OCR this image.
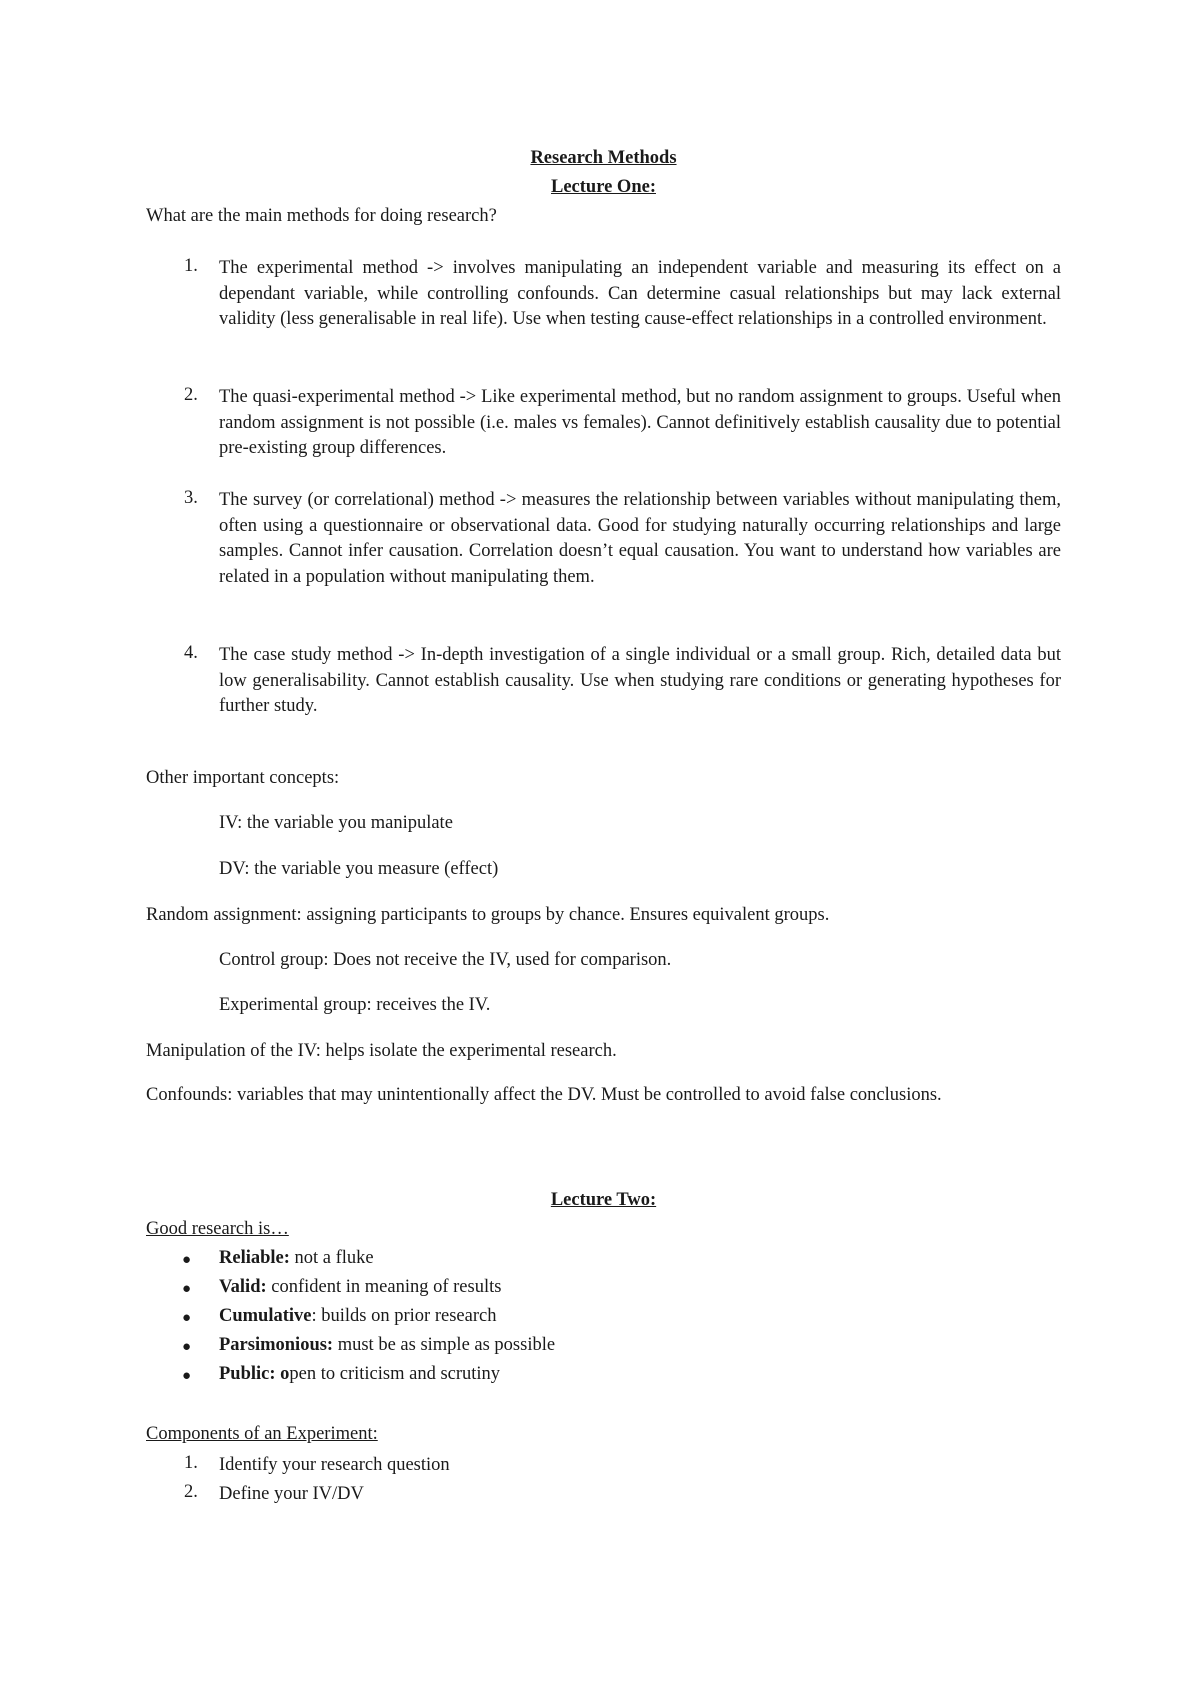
Research Methods
Lecture One:
What are the main methods for doing research?
1. The experimental method -> involves manipulating an independent variable and measuring its effect on a dependant variable, while controlling confounds. Can determine casual relationships but may lack external validity (less generalisable in real life). Use when testing cause-effect relationships in a controlled environment.
2. The quasi-experimental method -> Like experimental method, but no random assignment to groups. Useful when random assignment is not possible (i.e. males vs females). Cannot definitively establish causality due to potential pre-existing group differences.
3. The survey (or correlational) method -> measures the relationship between variables without manipulating them, often using a questionnaire or observational data. Good for studying naturally occurring relationships and large samples. Cannot infer causation. Correlation doesn’t equal causation. You want to understand how variables are related in a population without manipulating them.
4. The case study method -> In-depth investigation of a single individual or a small group. Rich, detailed data but low generalisability. Cannot establish causality. Use when studying rare conditions or generating hypotheses for further study.
Other important concepts:
IV: the variable you manipulate
DV: the variable you measure (effect)
Random assignment: assigning participants to groups by chance. Ensures equivalent groups.
Control group: Does not receive the IV, used for comparison.
Experimental group: receives the IV.
Manipulation of the IV: helps isolate the experimental research.
Confounds: variables that may unintentionally affect the DV. Must be controlled to avoid false conclusions.
Lecture Two:
Good research is…
● Reliable: not a fluke
● Valid: confident in meaning of results
● Cumulative: builds on prior research
● Parsimonious: must be as simple as possible
● Public: open to criticism and scrutiny
Components of an Experiment:
1. Identify your research question
2. Define your IV/DV
